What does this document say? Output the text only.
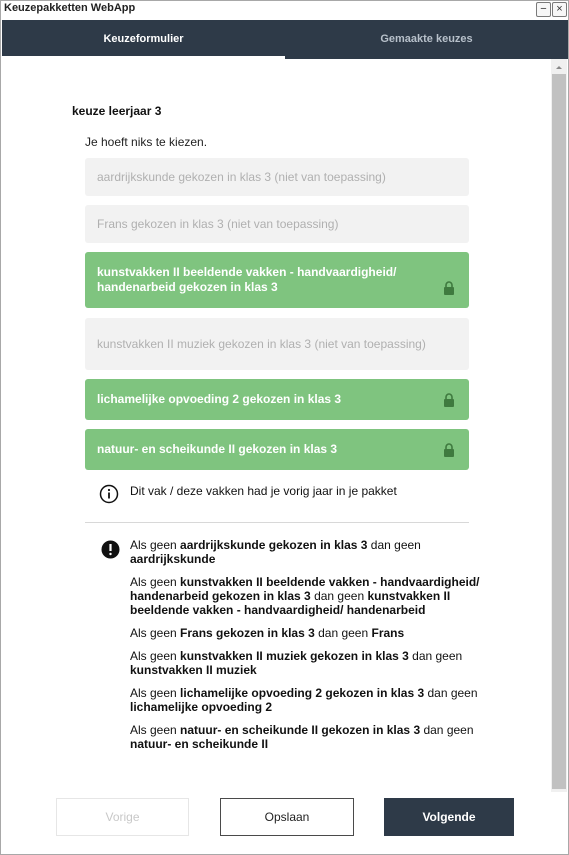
Keuzepakketten WebApp	− ×
Keuzeformulier	Gemaakte keuzes
keuze leerjaar 3
Je hoeft niks te kiezen.
aardrijkskunde gekozen in klas 3 (niet van toepassing)
Frans gekozen in klas 3 (niet van toepassing)
kunstvakken II beeldende vakken - handvaardigheid/ handenarbeid gekozen in klas 3
kunstvakken II muziek gekozen in klas 3 (niet van toepassing)
lichamelijke opvoeding 2 gekozen in klas 3
natuur- en scheikunde II gekozen in klas 3
Dit vak / deze vakken had je vorig jaar in je pakket
Als geen aardrijkskunde gekozen in klas 3 dan geen aardrijkskunde
Als geen kunstvakken II beeldende vakken - handvaardigheid/ handenarbeid gekozen in klas 3 dan geen kunstvakken II beeldende vakken - handvaardigheid/ handenarbeid
Als geen Frans gekozen in klas 3 dan geen Frans
Als geen kunstvakken II muziek gekozen in klas 3 dan geen kunstvakken II muziek
Als geen lichamelijke opvoeding 2 gekozen in klas 3 dan geen lichamelijke opvoeding 2
Als geen natuur- en scheikunde II gekozen in klas 3 dan geen natuur- en scheikunde II
Vorige	Opslaan	Volgende
